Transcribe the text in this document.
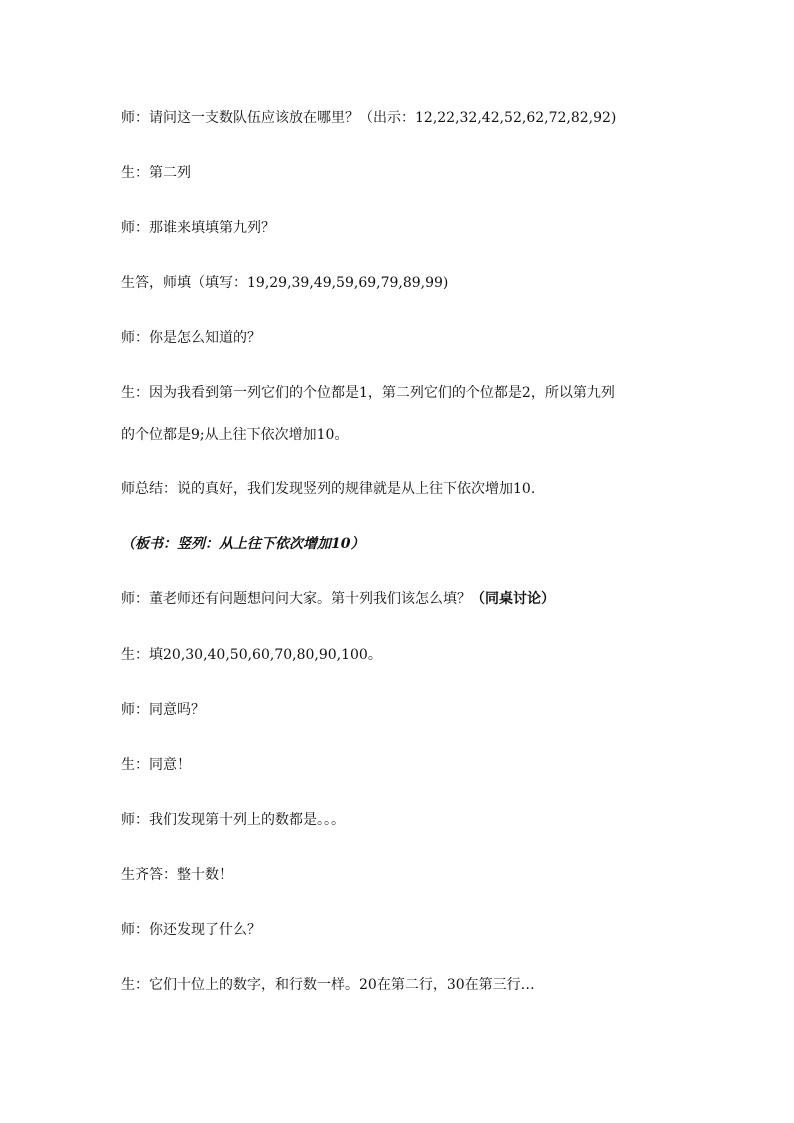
师：请问这一支数队伍应该放在哪里？（出示：12,22,32,42,52,62,72,82,92)
生：第二列
师：那谁来填填第九列？
生答，师填（填写：19,29,39,49,59,69,79,89,99)
师：你是怎么知道的？
生：因为我看到第一列它们的个位都是1，第二列它们的个位都是2，所以第九列
的个位都是9;从上往下依次增加10。
师总结：说的真好，我们发现竖列的规律就是从上往下依次增加10.
（板书：竖列：从上往下依次增加10）
师：董老师还有问题想问问大家。第十列我们该怎么填？（同桌讨论）
生：填20,30,40,50,60,70,80,90,100。
师：同意吗？
生：同意！
师：我们发现第十列上的数都是。。。
生齐答：整十数！
师：你还发现了什么？
生：它们十位上的数字，和行数一样。20在第二行，30在第三行…
